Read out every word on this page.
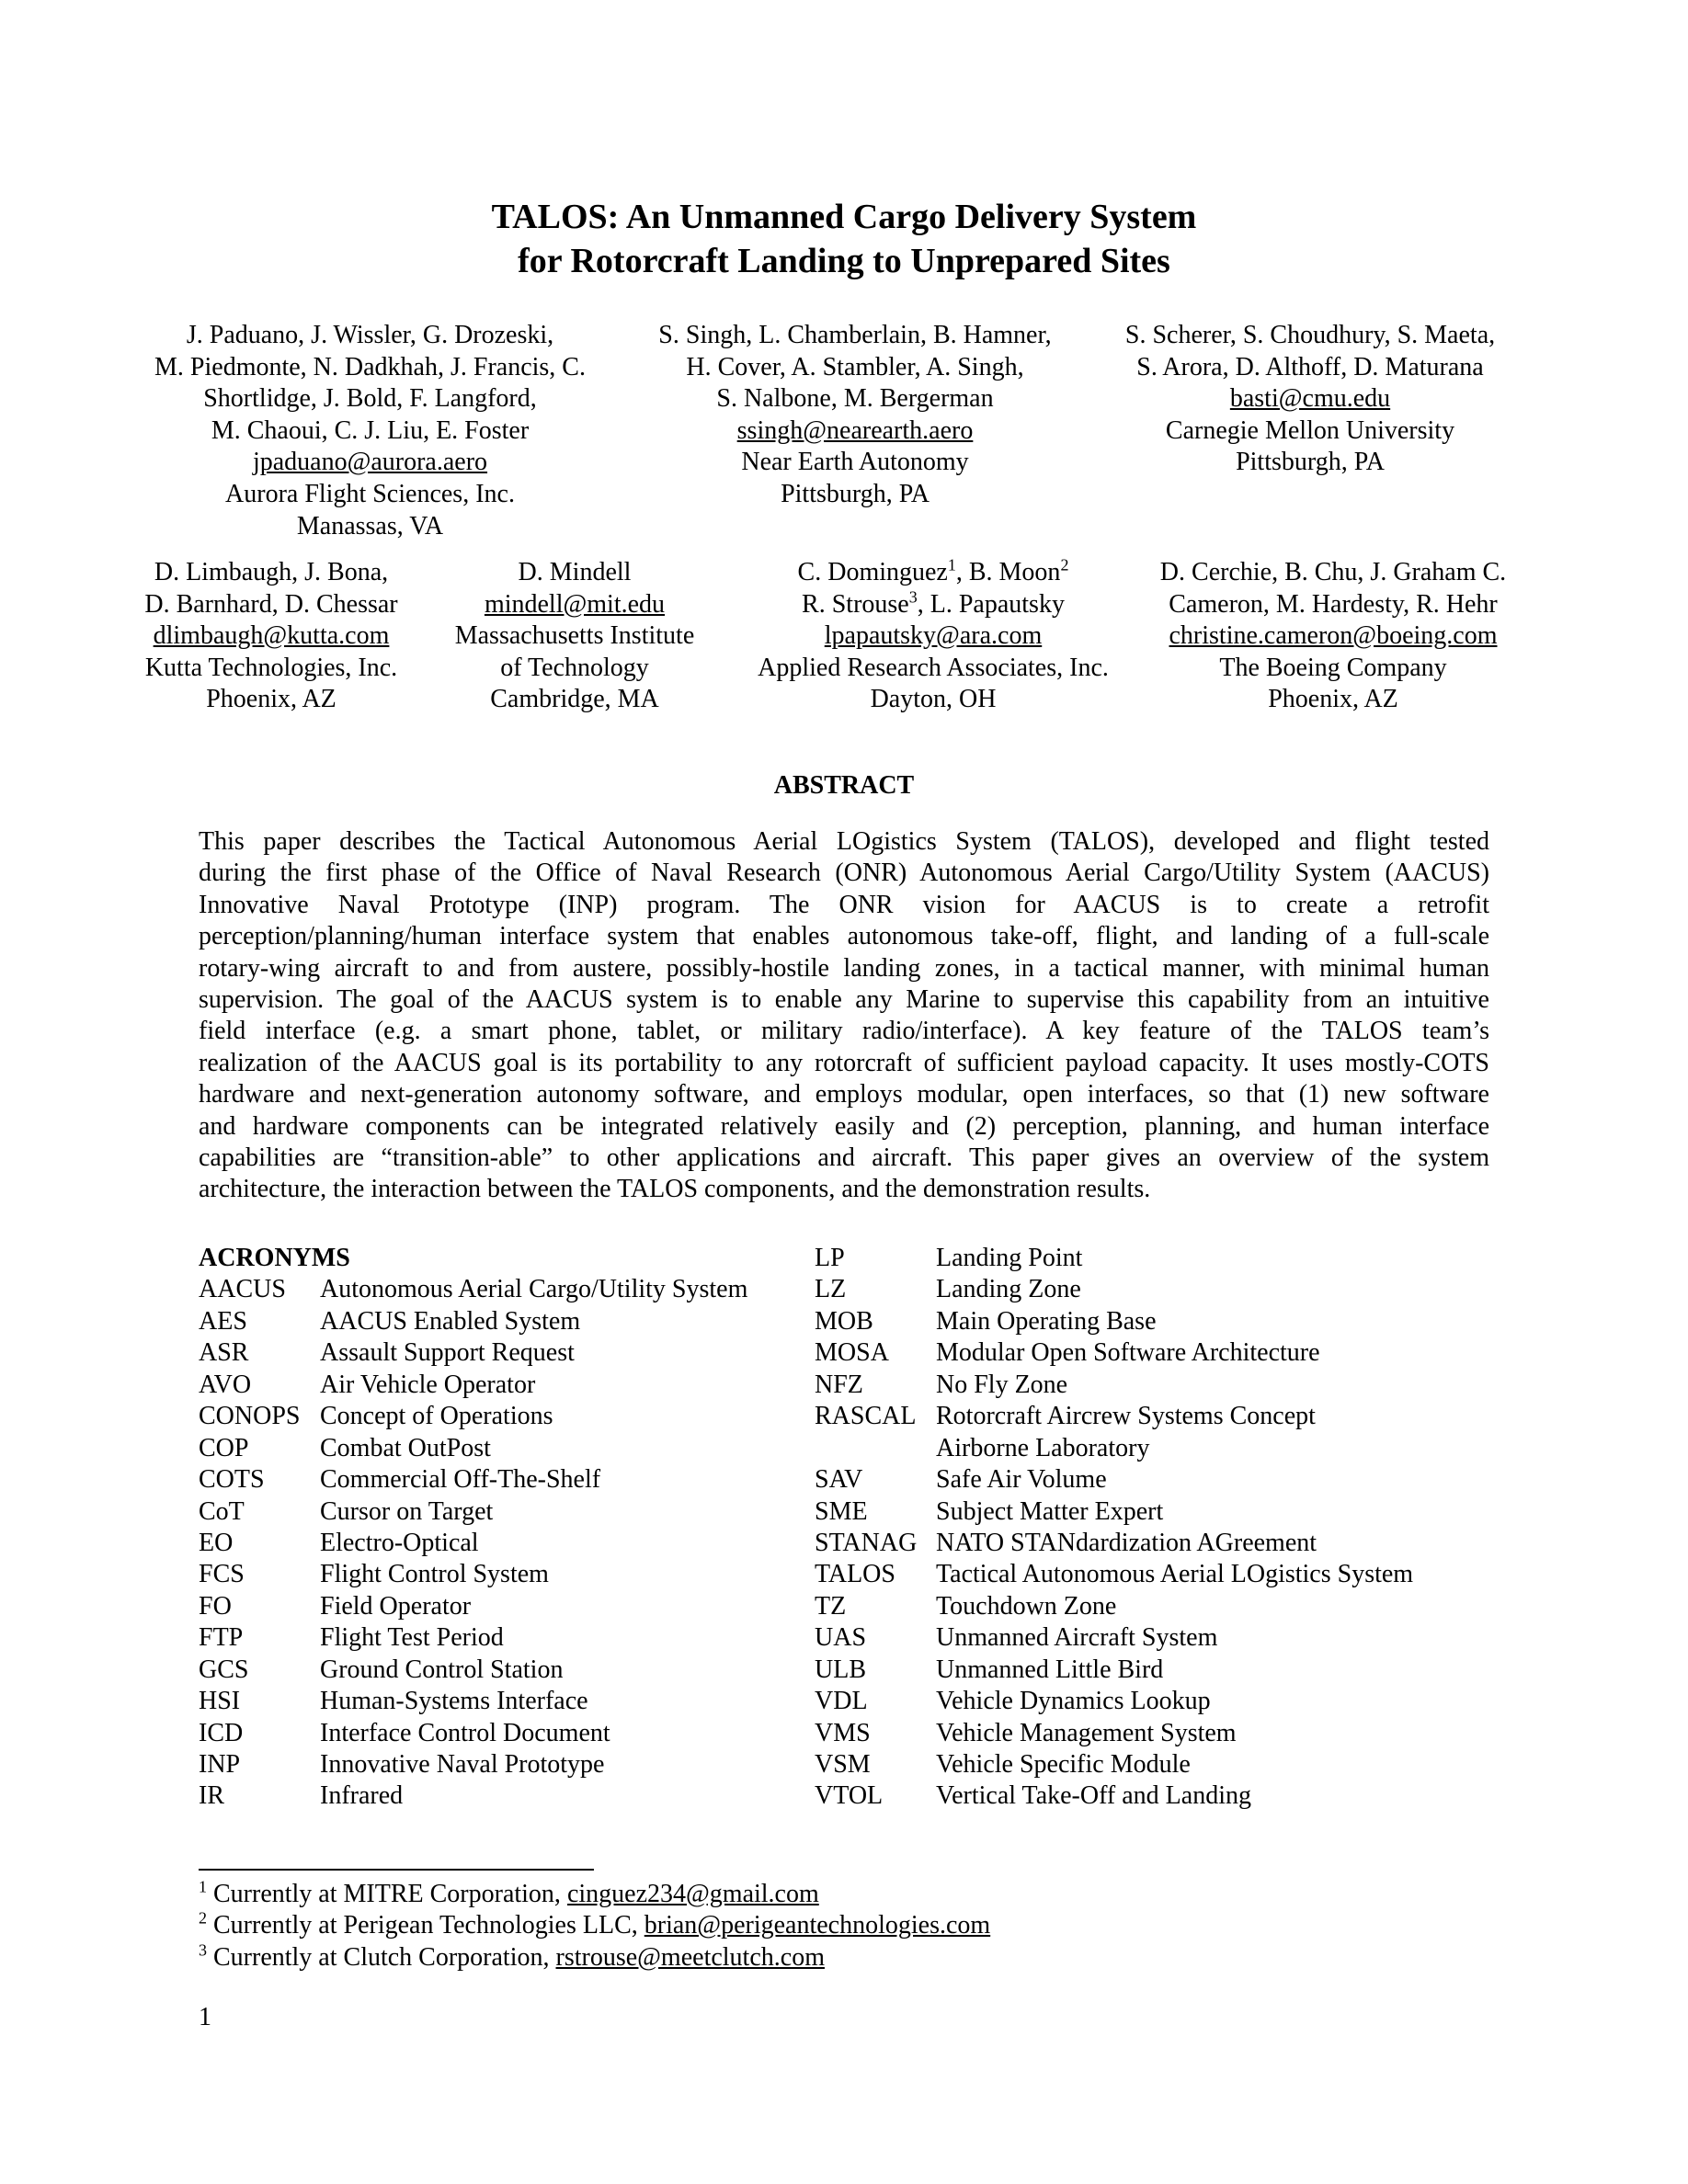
TALOS: An Unmanned Cargo Delivery System
for Rotorcraft Landing to Unprepared Sites
J. Paduano, J. Wissler, G. Drozeski,
M. Piedmonte, N. Dadkhah, J. Francis, C.
Shortlidge, J. Bold, F. Langford,
M. Chaoui, C. J. Liu, E. Foster
jpaduano@aurora.aero
Aurora Flight Sciences, Inc.
Manassas, VA
S. Singh, L. Chamberlain, B. Hamner,
H. Cover, A. Stambler, A. Singh,
S. Nalbone, M. Bergerman
ssingh@nearearth.aero
Near Earth Autonomy
Pittsburgh, PA
S. Scherer, S. Choudhury, S. Maeta,
S. Arora, D. Althoff, D. Maturana
basti@cmu.edu
Carnegie Mellon University
Pittsburgh, PA
D. Limbaugh, J. Bona,
D. Barnhard, D. Chessar
dlimbaugh@kutta.com
Kutta Technologies, Inc.
Phoenix, AZ
D. Mindell
mindell@mit.edu
Massachusetts Institute
of Technology
Cambridge, MA
C. Dominguez$^1$, B. Moon$^2$
R. Strouse$^3$, L. Papautsky
lpapautsky@ara.com
Applied Research Associates, Inc.
Dayton, OH
D. Cerchie, B. Chu, J. Graham C.
Cameron, M. Hardesty, R. Hehr
christine.cameron@boeing.com
The Boeing Company
Phoenix, AZ
ABSTRACT
This paper describes the Tactical Autonomous Aerial LOgistics System (TALOS), developed and flight tested
during the first phase of the Office of Naval Research (ONR) Autonomous Aerial Cargo/Utility System (AACUS)
Innovative Naval Prototype (INP) program. The ONR vision for AACUS is to create a retrofit
perception/planning/human interface system that enables autonomous take-off, flight, and landing of a full-scale
rotary-wing aircraft to and from austere, possibly-hostile landing zones, in a tactical manner, with minimal human
supervision. The goal of the AACUS system is to enable any Marine to supervise this capability from an intuitive
field interface (e.g. a smart phone, tablet, or military radio/interface). A key feature of the TALOS team’s
realization of the AACUS goal is its portability to any rotorcraft of sufficient payload capacity. It uses mostly-COTS
hardware and next-generation autonomy software, and employs modular, open interfaces, so that (1) new software
and hardware components can be integrated relatively easily and (2) perception, planning, and human interface
capabilities are “transition-able” to other applications and aircraft. This paper gives an overview of the system
architecture, the interaction between the TALOS components, and the demonstration results.
ACRONYMS
AACUS	Autonomous Aerial Cargo/Utility System
AES	AACUS Enabled System
ASR	Assault Support Request
AVO	Air Vehicle Operator
CONOPS Concept of Operations
COP	Combat OutPost
COTS	Commercial Off-The-Shelf
CoT	Cursor on Target
EO	Electro-Optical
FCS	Flight Control System
FO	Field Operator
FTP	Flight Test Period
GCS	Ground Control Station
HSI	Human-Systems Interface
ICD	Interface Control Document
INP	Innovative Naval Prototype
IR	Infrared
LP	Landing Point
LZ	Landing Zone
MOB	Main Operating Base
MOSA	Modular Open Software Architecture
NFZ	No Fly Zone
RASCAL Rotorcraft Aircrew Systems Concept
Airborne Laboratory
SAV	Safe Air Volume
SME	Subject Matter Expert
STANAG NATO STANdardization AGreement
TALOS	Tactical Autonomous Aerial LOgistics System
TZ	Touchdown Zone
UAS	Unmanned Aircraft System
ULB	Unmanned Little Bird
VDL	Vehicle Dynamics Lookup
VMS	Vehicle Management System
VSM	Vehicle Specific Module
VTOL	Vertical Take-Off and Landing
$^1$ Currently at MITRE Corporation, cinguez234@gmail.com
$^2$ Currently at Perigean Technologies LLC, brian@perigeantechnologies.com
$^3$ Currently at Clutch Corporation, rstrouse@meetclutch.com
1
